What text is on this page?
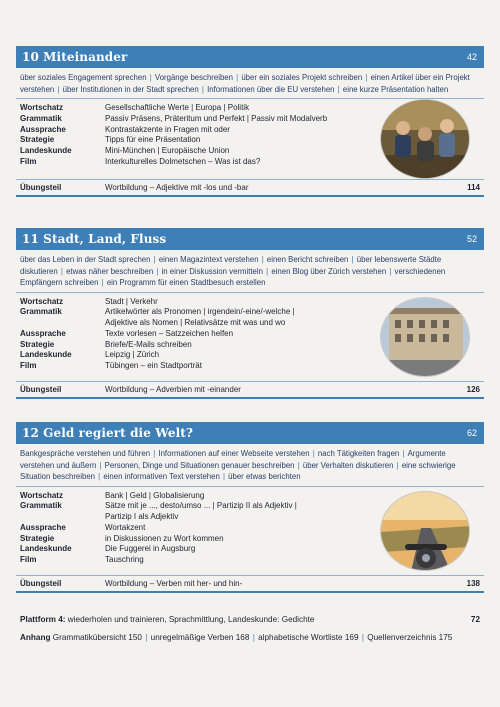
10 Miteinander	42
über soziales Engagement sprechen | Vorgänge beschreiben | über ein soziales Projekt schreiben | einen Artikel über ein Projekt verstehen | über Institutionen in der Stadt sprechen | Informationen über die EU verstehen | eine kurze Präsentation halten
Wortschatz	Gesellschaftliche Werte | Europa | Politik
Grammatik	Passiv Präsens, Präteritum und Perfekt | Passiv mit Modalverb
Aussprache	Kontrastakzente in Fragen mit oder
Strategie	Tipps für eine Präsentation
Landeskunde	Mini-München | Europäische Union
Film	Interkulturelles Dolmetschen – Was ist das?
Übungsteil	Wortbildung – Adjektive mit -los und -bar	114
11 Stadt, Land, Fluss	52
über das Leben in der Stadt sprechen | einen Magazintext verstehen | einen Bericht schreiben | über lebenswerte Städte diskutieren | etwas näher beschreiben | in einer Diskussion vermitteln | einen Blog über Zürich verstehen | verschiedenen Empfängern schreiben | ein Programm für einen Stadtbesuch erstellen
Wortschatz	Stadt | Verkehr
Grammatik	Artikelwörter als Pronomen | irgendein/-eine/-welche |
Adjektive als Nomen | Relativsätze mit was und wo
Aussprache	Texte vorlesen – Satzzeichen helfen
Strategie	Briefe/E-Mails schreiben
Landeskunde	Leipzig | Zürich
Film	Tübingen – ein Stadtporträt
Übungsteil	Wortbildung – Adverbien mit -einander	126
12 Geld regiert die Welt?	62
Bankgespräche verstehen und führen | Informationen auf einer Webseite verstehen | nach Tätigkeiten fragen | Argumente verstehen und äußern | Personen, Dinge und Situationen genauer beschreiben | über Verhalten diskutieren | eine schwierige Situation beschreiben | einen informativen Text verstehen | über etwas berichten
Wortschatz	Bank | Geld | Globalisierung
Grammatik	Sätze mit je ..., desto/umso ... | Partizip II als Adjektiv |
Partizip I als Adjektiv
Aussprache	Wortakzent
Strategie	in Diskussionen zu Wort kommen
Landeskunde	Die Fuggerei in Augsburg
Film	Tauschring
Übungsteil	Wortbildung – Verben mit her- und hin-	138
Plattform 4: wiederholen und trainieren, Sprachmittlung, Landeskunde: Gedichte	72
Anhang Grammatikübersicht 150 | unregelmäßige Verben 168 | alphabetische Wortliste 169 | Quellenverzeichnis 175
